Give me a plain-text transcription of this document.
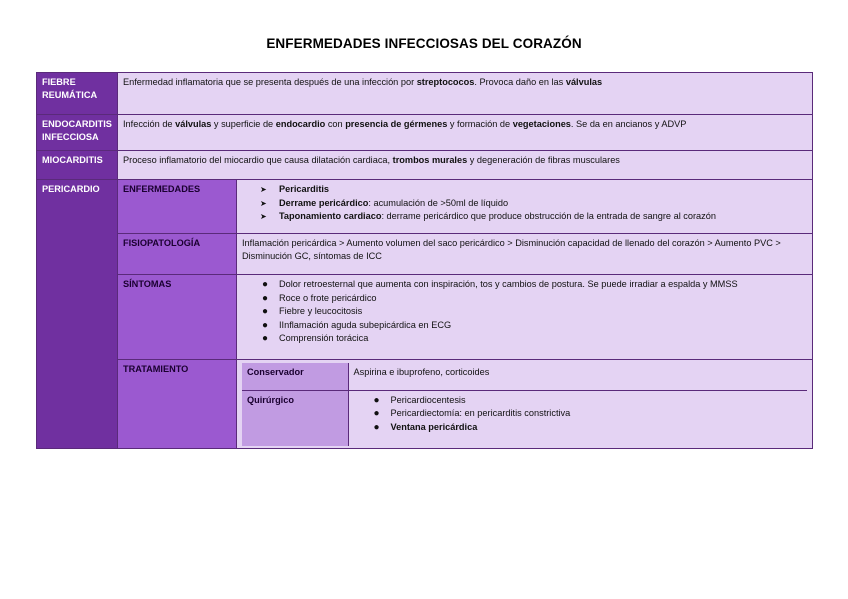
ENFERMEDADES INFECCIOSAS DEL CORAZÓN
FIEBRE REUMÁTICA	Enfermedad inflamatoria que se presenta después de una infección por streptococos. Provoca daño en las válvulas
ENDOCARDITIS INFECCIOSA	Infección de válvulas y superficie de endocardio con presencia de gérmenes y formación de vegetaciones. Se da en ancianos y ADVP
MIOCARDITIS	Proceso inflamatorio del miocardio que causa dilatación cardiaca, trombos murales y degeneración de fibras musculares
PERICARDIO	ENFERMEDADES	➤	Pericarditis
➤	Derrame pericárdico: acumulación de >50ml de líquido
➤	Taponamiento cardiaco: derrame pericárdico que produce obstrucción de la entrada de sangre al corazón

FISIOPATOLOGÍA	Inflamación pericárdica > Aumento volumen del saco pericárdico > Disminución capacidad de llenado del corazón > Aumento PVC > Disminución GC, síntomas de ICC
SÍNTOMAS	●	Dolor retroesternal que aumenta con inspiración, tos y cambios de postura. Se puede irradiar a espalda y MMSS
●	Roce o frote pericárdico
●	Fiebre y leucocitosis
●	IInflamación aguda subepicárdica en ECG
●	Comprensión torácica

TRATAMIENTO		Conservador	Aspirina e ibuprofeno, corticoides
Quirúrgico	●	Pericardiocentesis
●	Pericardiectomía: en pericarditis constrictiva
●	Ventana pericárdica
